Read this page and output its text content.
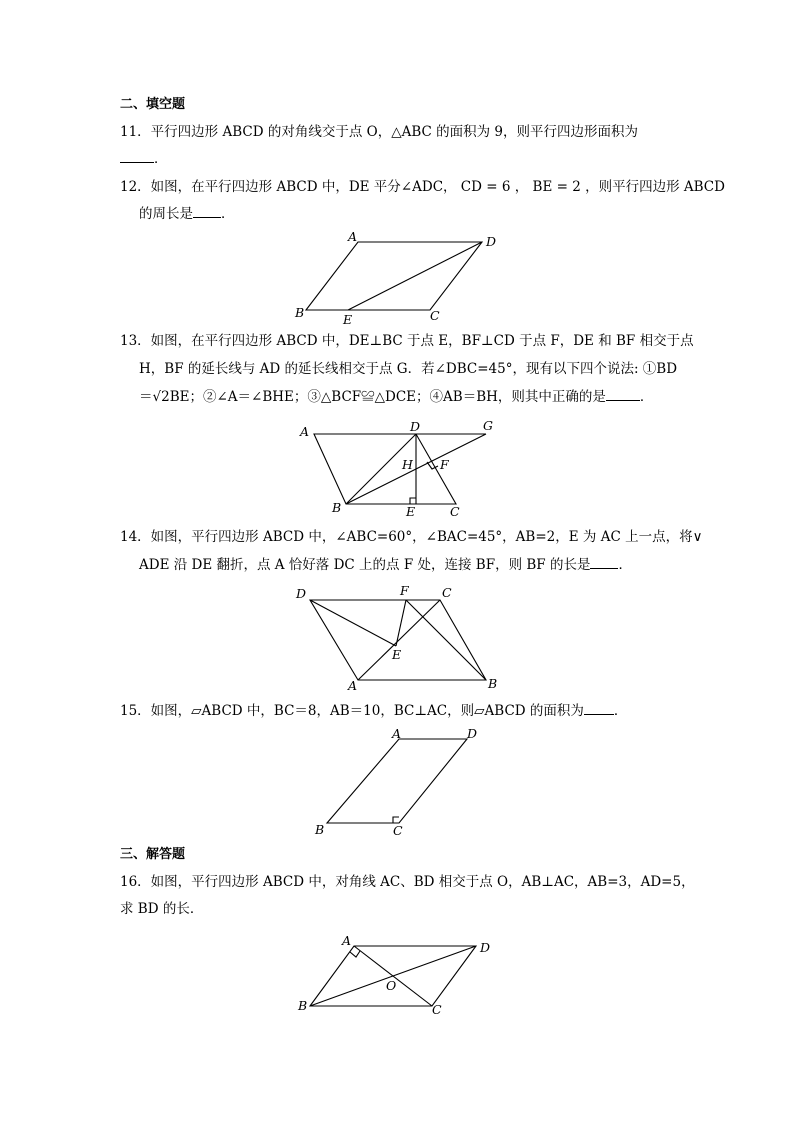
二、填空题
11．平行四边形 ABCD 的对角线交于点 O，△ABC 的面积为 9，则平行四边形面积为
．
12．如图，在平行四边形 ABCD 中，DE 平分∠ADC， CD = 6 ， BE = 2 ，则平行四边形 ABCD
的周长是 ．
A	D
B	C
E
13．如图，在平行四边形 ABCD 中，DE⊥BC 于点 E，BF⊥CD 于点 F，DE 和 BF 相交于点
H，BF 的延长线与 AD 的延长线相交于点 G．若∠DBC=45°，现有以下四个说法: ①BD
＝√2BE；②∠A＝∠BHE；③△BCF≌△DCE；④AB＝BH，则其中正确的是	．
A	D	G
H F
B	E	C
14．如图，平行四边形 ABCD 中，∠ABC=60°，∠BAC=45°，AB=2，E 为 AC 上一点，将∨
ADE 沿 DE 翻折，点 A 恰好落 DC 上的点 F 处，连接 BF，则 BF 的长是 ．
D	F	C
E
A	B
15．如图，▱ABCD 中，BC＝8，AB＝10，BC⊥AC，则▱ABCD 的面积为 ．
A	D
B	C
三、解答题
16．如图，平行四边形 ABCD 中，对角线 AC、BD 相交于点 O，AB⊥AC，AB=3，AD=5，
求 BD 的长．
A	D
B
O
C
